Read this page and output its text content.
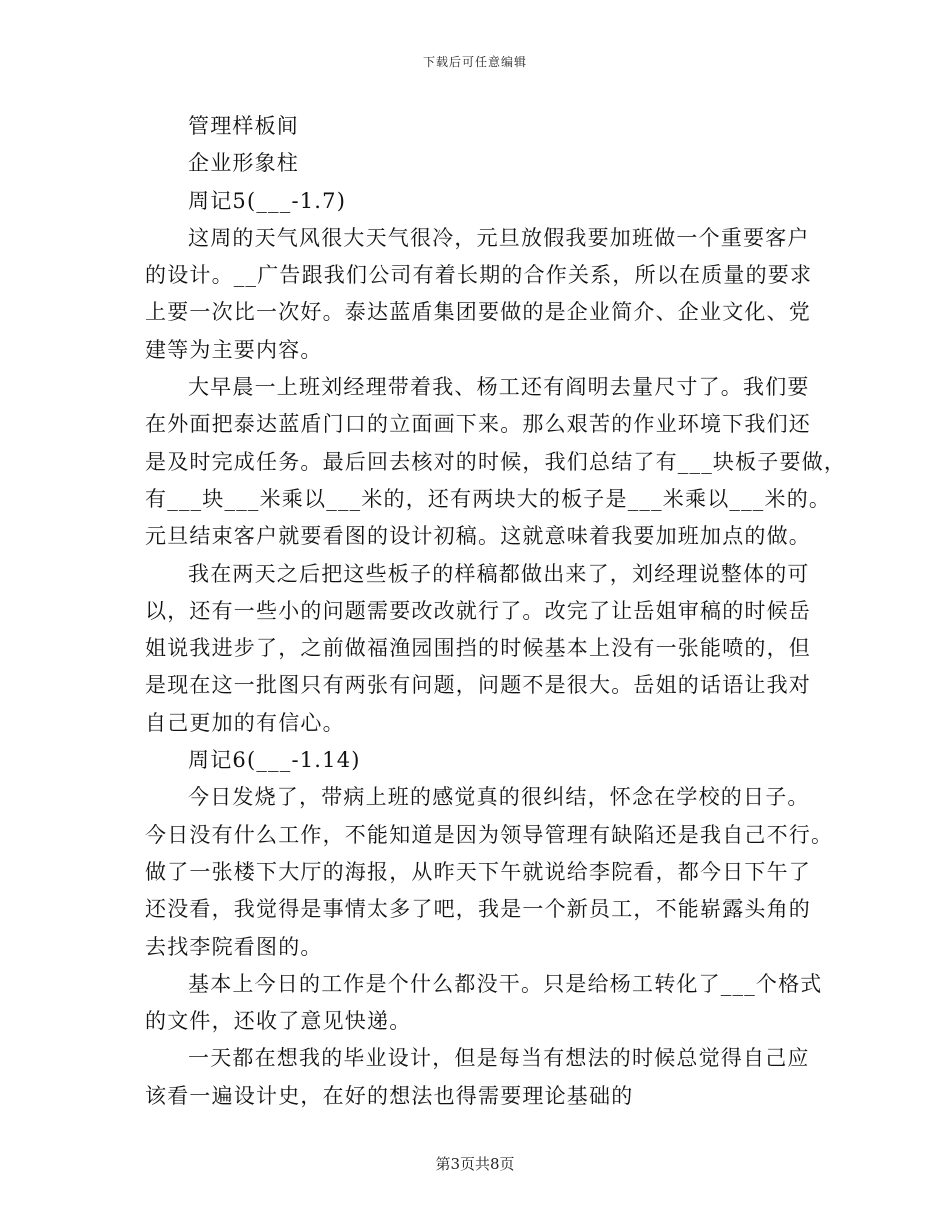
下载后可任意编辑
管理样板间
企业形象柱
周记5(___-1.7)
这周的天气风很大天气很冷，元旦放假我要加班做一个重要客户
的设计。__广告跟我们公司有着长期的合作关系，所以在质量的要求
上要一次比一次好。泰达蓝盾集团要做的是企业简介、企业文化、党
建等为主要内容。
大早晨一上班刘经理带着我、杨工还有阎明去量尺寸了。我们要
在外面把泰达蓝盾门口的立面画下来。那么艰苦的作业环境下我们还
是及时完成任务。最后回去核对的时候，我们总结了有___块板子要做，
有___块___米乘以___米的，还有两块大的板子是___米乘以___米的。
元旦结束客户就要看图的设计初稿。这就意味着我要加班加点的做。
我在两天之后把这些板子的样稿都做出来了，刘经理说整体的可
以，还有一些小的问题需要改改就行了。改完了让岳姐审稿的时候岳
姐说我进步了，之前做福渔园围挡的时候基本上没有一张能喷的，但
是现在这一批图只有两张有问题，问题不是很大。岳姐的话语让我对
自己更加的有信心。
周记6(___-1.14)
今日发烧了，带病上班的感觉真的很纠结，怀念在学校的日子。
今日没有什么工作，不能知道是因为领导管理有缺陷还是我自己不行。
做了一张楼下大厅的海报，从昨天下午就说给李院看，都今日下午了
还没看，我觉得是事情太多了吧，我是一个新员工，不能崭露头角的
去找李院看图的。
基本上今日的工作是个什么都没干。只是给杨工转化了___个格式
的文件，还收了意见快递。
一天都在想我的毕业设计，但是每当有想法的时候总觉得自己应
该看一遍设计史，在好的想法也得需要理论基础的
第3页共8页
